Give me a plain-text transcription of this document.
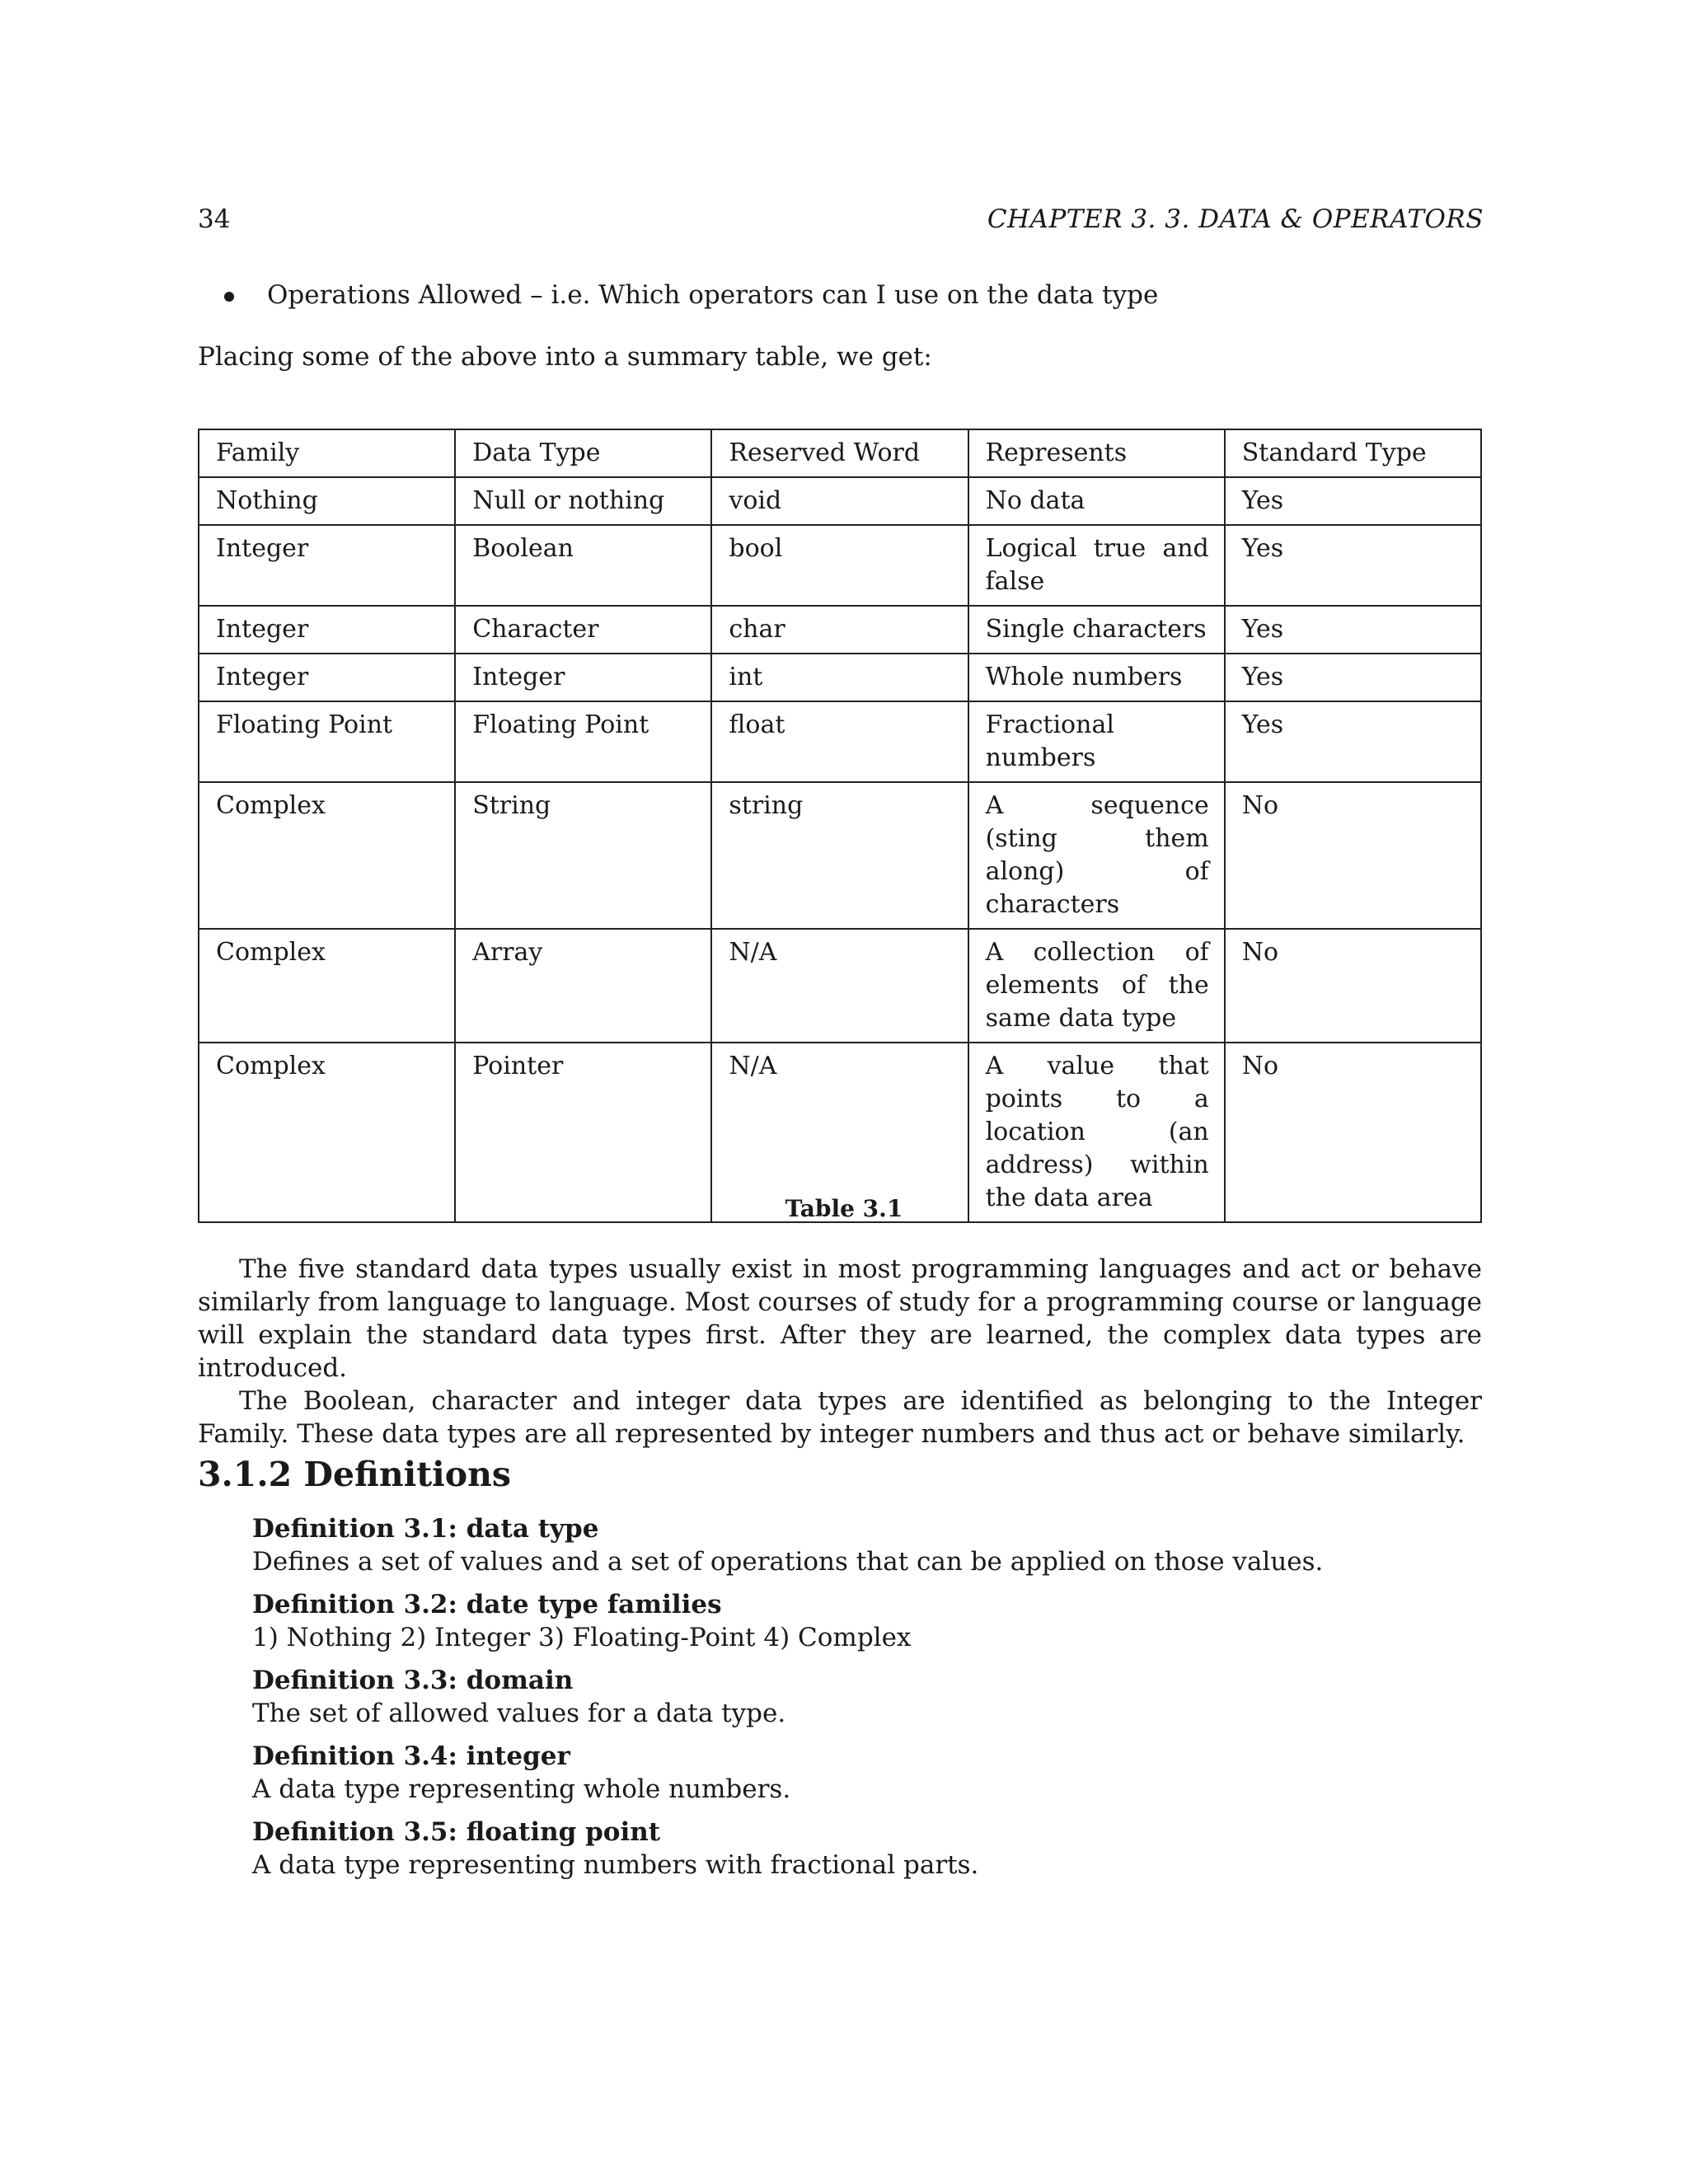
34	CHAPTER 3. 3. DATA & OPERATORS
Operations Allowed – i.e. Which operators can I use on the data type
Placing some of the above into a summary table, we get:
Family	Data Type	Reserved Word	Represents	Standard Type
Nothing	Null or nothing	void	No data	Yes
Integer	Boolean	bool	Logical true and false	Yes
Integer	Character	char	Single characters	Yes
Integer	Integer	int	Whole numbers	Yes
Floating Point	Floating Point	float	Fractional numbers	Yes
Complex	String	string	A sequence (sting them along) of characters	No
Complex	Array	N/A	A collection of elements of the same data type	No
Complex	Pointer	N/A	A value that points to a location (an address) within the data area	No
Table 3.1

The five standard data types usually exist in most programming languages and act or behave similarly from language to language. Most courses of study for a programming course or language will explain the standard data types first. After they are learned, the complex data types are introduced.

The Boolean, character and integer data types are identified as belonging to the Integer Family. These data types are all represented by integer numbers and thus act or behave similarly.

3.1.2 Definitions
Definition 3.1: data type
Defines a set of values and a set of operations that can be applied on those values.
Definition 3.2: date type families
1) Nothing 2) Integer 3) Floating-Point 4) Complex
Definition 3.3: domain
The set of allowed values for a data type.
Definition 3.4: integer
A data type representing whole numbers.
Definition 3.5: floating point
A data type representing numbers with fractional parts.
